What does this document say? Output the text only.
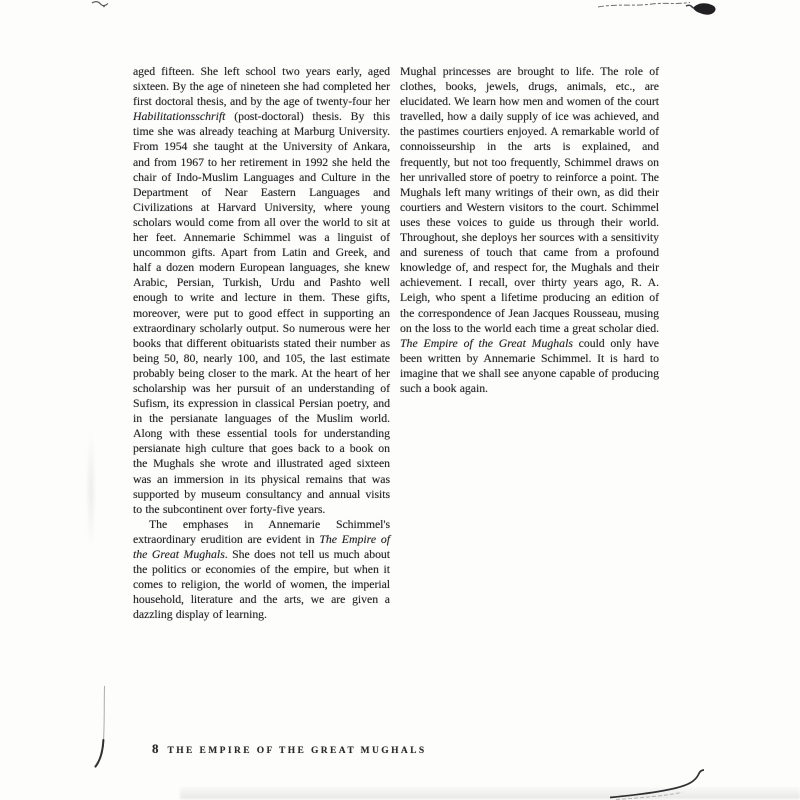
aged fifteen. She left school two years early, aged sixteen. By the age of nineteen she had completed her first doctoral thesis, and by the age of twenty-four her Habilitationsschrift (post-doctoral) thesis. By this time she was already teaching at Marburg University. From 1954 she taught at the University of Ankara, and from 1967 to her retirement in 1992 she held the chair of Indo-Muslim Languages and Culture in the Department of Near Eastern Languages and Civilizations at Harvard University, where young scholars would come from all over the world to sit at her feet. Annemarie Schimmel was a linguist of uncommon gifts. Apart from Latin and Greek, and half a dozen modern European languages, she knew Arabic, Persian, Turkish, Urdu and Pashto well enough to write and lecture in them. These gifts, moreover, were put to good effect in supporting an extraordinary scholarly output. So numerous were her books that different obituarists stated their number as being 50, 80, nearly 100, and 105, the last estimate probably being closer to the mark. At the heart of her scholarship was her pursuit of an understanding of Sufism, its expression in classical Persian poetry, and in the persianate languages of the Muslim world. Along with these essential tools for understanding persianate high culture that goes back to a book on the Mughals she wrote and illustrated aged sixteen was an immersion in its physical remains that was supported by museum consultancy and annual visits to the subcontinent over forty-five years.

The emphases in Annemarie Schimmel's extraordinary erudition are evident in The Empire of the Great Mughals. She does not tell us much about the politics or economies of the empire, but when it comes to religion, the world of women, the imperial household, literature and the arts, we are given a dazzling display of learning.

Mughal princesses are brought to life. The role of clothes, books, jewels, drugs, animals, etc., are elucidated. We learn how men and women of the court travelled, how a daily supply of ice was achieved, and the pastimes courtiers enjoyed. A remarkable world of connoisseurship in the arts is explained, and frequently, but not too frequently, Schimmel draws on her unrivalled store of poetry to reinforce a point. The Mughals left many writings of their own, as did their courtiers and Western visitors to the court. Schimmel uses these voices to guide us through their world. Throughout, she deploys her sources with a sensitivity and sureness of touch that came from a profound knowledge of, and respect for, the Mughals and their achievement. I recall, over thirty years ago, R. A. Leigh, who spent a lifetime producing an edition of the correspondence of Jean Jacques Rousseau, musing on the loss to the world each time a great scholar died. The Empire of the Great Mughals could only have been written by Annemarie Schimmel. It is hard to imagine that we shall see anyone capable of producing such a book again.

8 THE EMPIRE OF THE GREAT MUGHALS
